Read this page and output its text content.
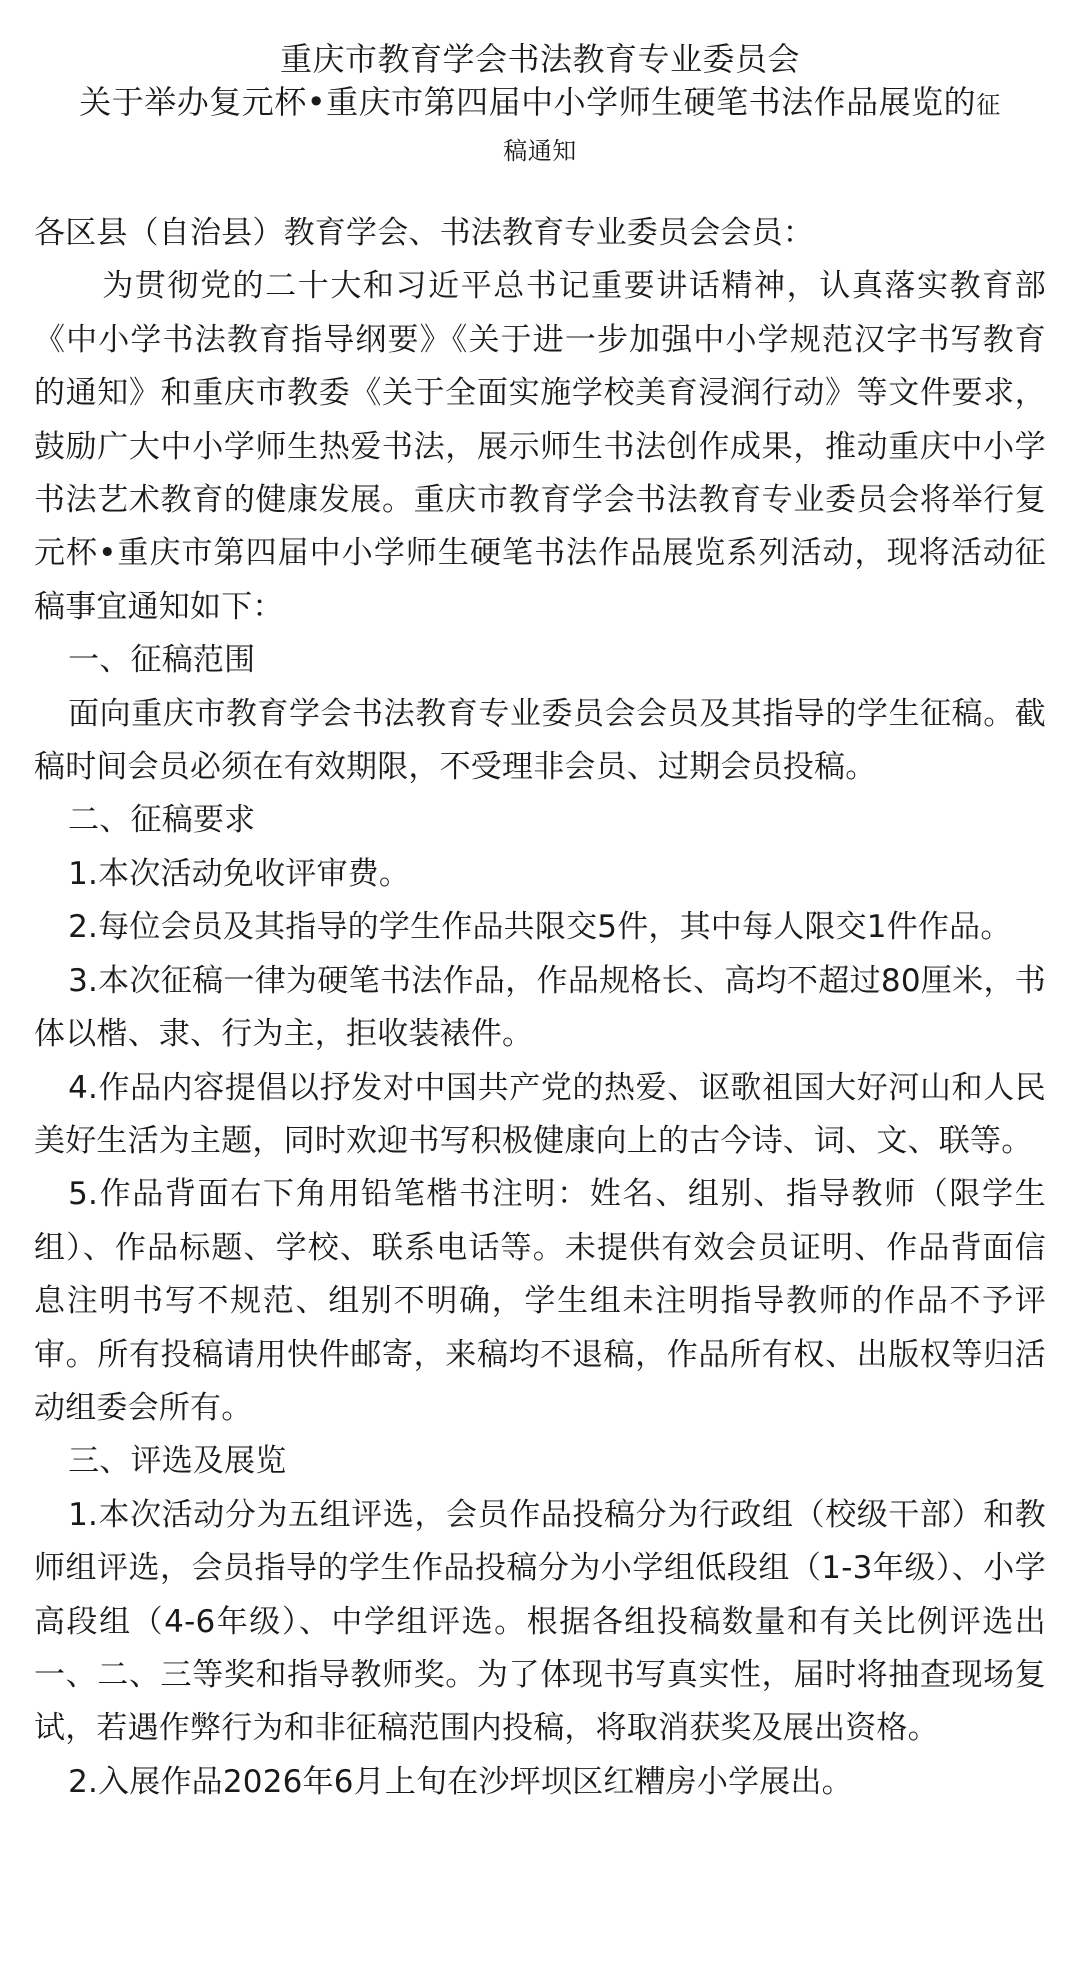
重庆市教育学会书法教育专业委员会
关于举办复元杯•重庆市第四届中小学师生硬笔书法作品展览的征
稿通知

各区县（自治县）教育学会、书法教育专业委员会会员：

为贯彻党的二十大和习近平总书记重要讲话精神，认真落实教育部《中小学书法教育指导纲要》《关于进一步加强中小学规范汉字书写教育的通知》和重庆市教委《关于全面实施学校美育浸润行动》等文件要求，鼓励广大中小学师生热爱书法，展示师生书法创作成果，推动重庆中小学书法艺术教育的健康发展。重庆市教育学会书法教育专业委员会将举行复元杯•重庆市第四届中小学师生硬笔书法作品展览系列活动，现将活动征稿事宜通知如下：

一、征稿范围

面向重庆市教育学会书法教育专业委员会会员及其指导的学生征稿。截稿时间会员必须在有效期限，不受理非会员、过期会员投稿。

二、征稿要求

1.本次活动免收评审费。

2.每位会员及其指导的学生作品共限交5件，其中每人限交1件作品。

3.本次征稿一律为硬笔书法作品，作品规格长、高均不超过80厘米，书体以楷、隶、行为主，拒收装裱件。

4.作品内容提倡以抒发对中国共产党的热爱、讴歌祖国大好河山和人民美好生活为主题，同时欢迎书写积极健康向上的古今诗、词、文、联等。

5.作品背面右下角用铅笔楷书注明：姓名、组别、指导教师（限学生组）、作品标题、学校、联系电话等。未提供有效会员证明、作品背面信息注明书写不规范、组别不明确，学生组未注明指导教师的作品不予评审。所有投稿请用快件邮寄，来稿均不退稿，作品所有权、出版权等归活动组委会所有。

三、评选及展览

1.本次活动分为五组评选，会员作品投稿分为行政组（校级干部）和教师组评选，会员指导的学生作品投稿分为小学组低段组（1-3年级）、小学高段组（4-6年级）、中学组评选。根据各组投稿数量和有关比例评选出一、二、三等奖和指导教师奖。为了体现书写真实性，届时将抽查现场复试，若遇作弊行为和非征稿范围内投稿，将取消获奖及展出资格。

2.入展作品2026年6月上旬在沙坪坝区红糟房小学展出。
